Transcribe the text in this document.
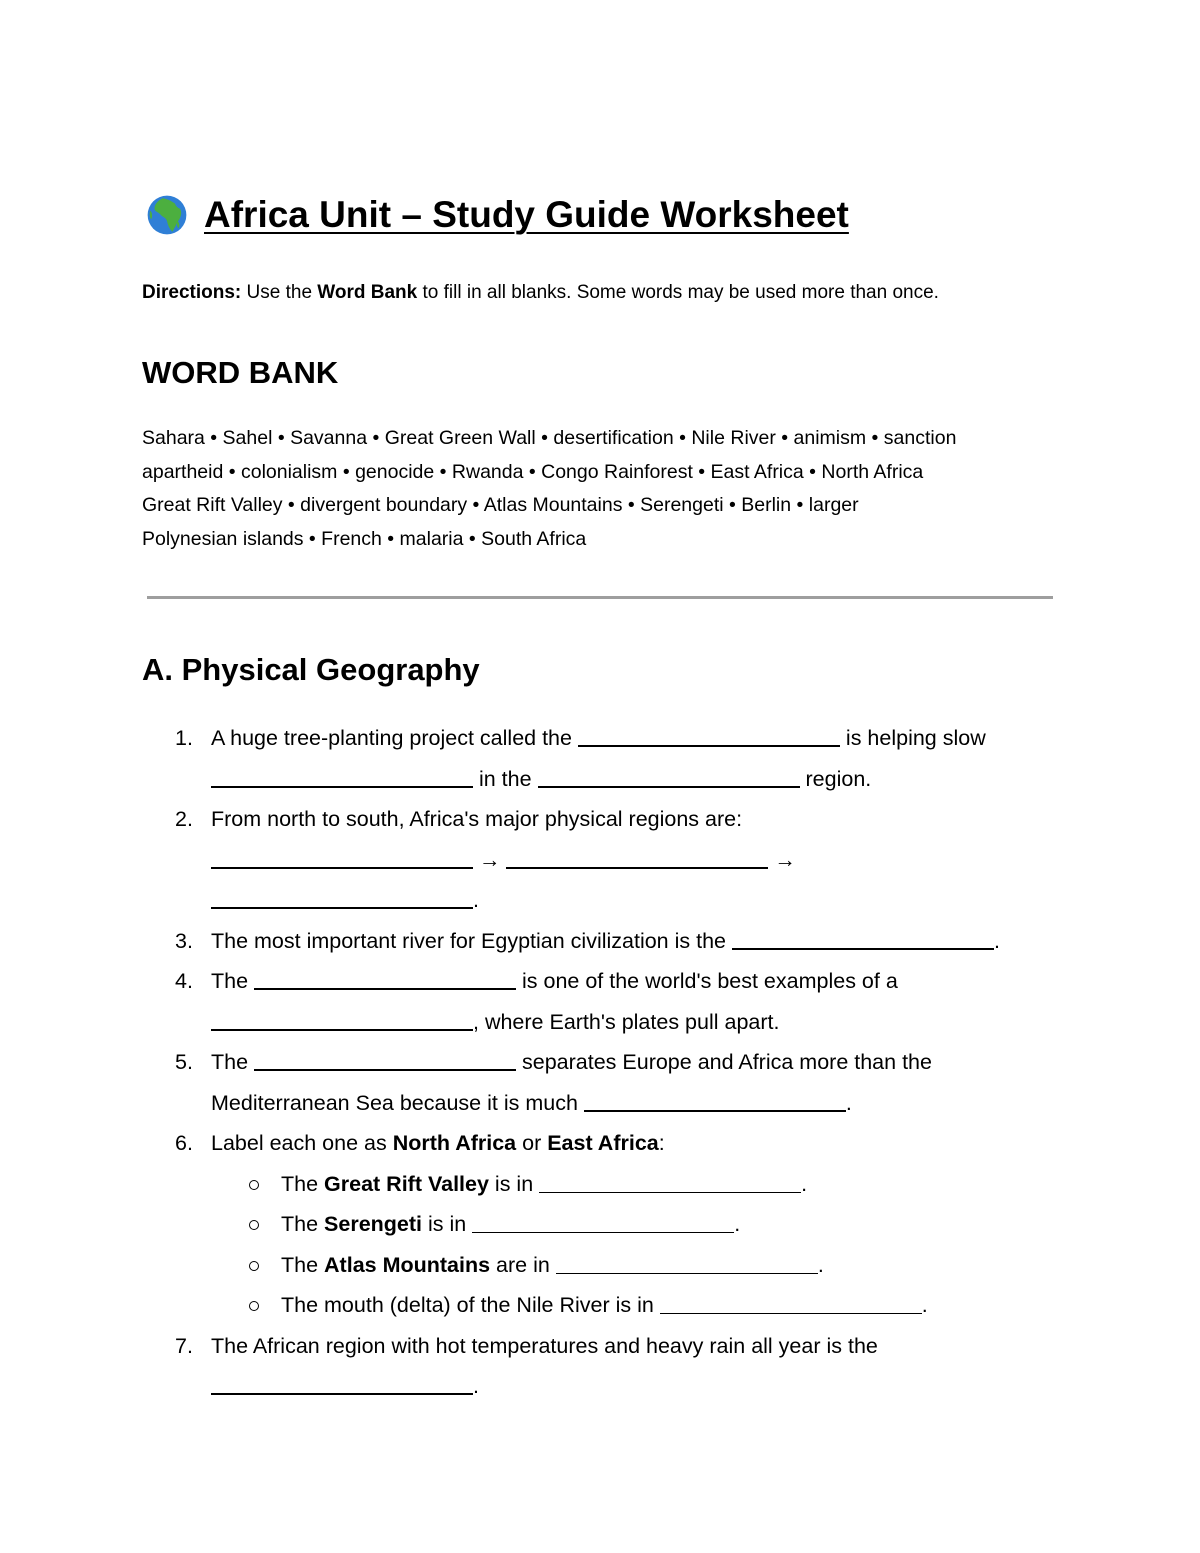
Africa Unit – Study Guide Worksheet
Directions: Use the Word Bank to fill in all blanks. Some words may be used more than once.
WORD BANK
Sahara • Sahel • Savanna • Great Green Wall • desertification • Nile River • animism • sanction
apartheid • colonialism • genocide • Rwanda • Congo Rainforest • East Africa • North Africa
Great Rift Valley • divergent boundary • Atlas Mountains • Serengeti • Berlin • larger
Polynesian islands • French • malaria • South Africa
A. Physical Geography
1. A huge tree-planting project called the	is helping slow
in the	region.
2. From north to south, Africa's major physical regions are:
→	→
.
3. The most important river for Egyptian civilization is the	.
4. The	is one of the world's best examples of a
, where Earth's plates pull apart.
5. The	separates Europe and Africa more than the
Mediterranean Sea because it is much	.
6. Label each one as North Africa or East Africa:
The Great Rift Valley is in	.
The Serengeti is in	.
The Atlas Mountains are in	.
The mouth (delta) of the Nile River is in	.
7. The African region with hot temperatures and heavy rain all year is the
.
